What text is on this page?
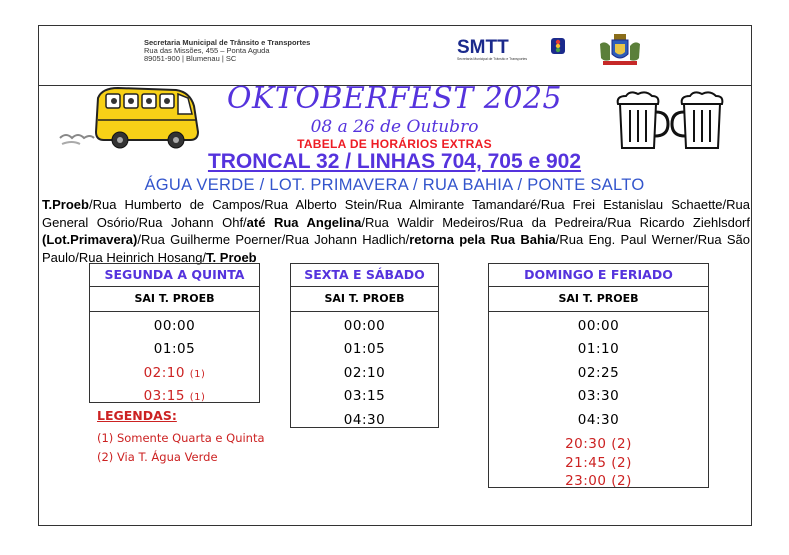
Secretaria Municipal de Trânsito e Transportes
Rua das Missões, 455 – Ponta Aguda
89051-900 | Blumenau | SC
SMTT
Secretaria Municipal de Trânsito e Transportes
OKTOBERFEST 2025
08 a 26 de Outubro
TABELA DE HORÁRIOS EXTRAS
TRONCAL 32 / LINHAS 704, 705 e 902
ÁGUA VERDE / LOT. PRIMAVERA / RUA BAHIA / PONTE SALTO
T.Proeb/Rua Humberto de Campos/Rua Alberto Stein/Rua Almirante Tamandaré/Rua Frei Estanislau Schaette/Rua General Osório/Rua Johann Ohf/até Rua Angelina/Rua Waldir Medeiros/Rua da Pedreira/Rua Ricardo Ziehlsdorf (Lot.Primavera)/Rua Guilherme Poerner/Rua Johann Hadlich/retorna pela Rua Bahia/Rua Eng. Paul Werner/Rua São Paulo/Rua Heinrich Hosang/T. Proeb
SEGUNDA A QUINTA
SAI T. PROEB
00:00
01:05
02:10 (1)
03:15 (1)
SEXTA E SÁBADO
SAI T. PROEB
00:00
01:05
02:10
03:15
04:30
DOMINGO E FERIADO
SAI T. PROEB
00:00
01:10
02:25
03:30
04:30
20:30 (2)
21:45 (2)
23:00 (2)
LEGENDAS:
(1) Somente Quarta e Quinta
(2) Via T. Água Verde
